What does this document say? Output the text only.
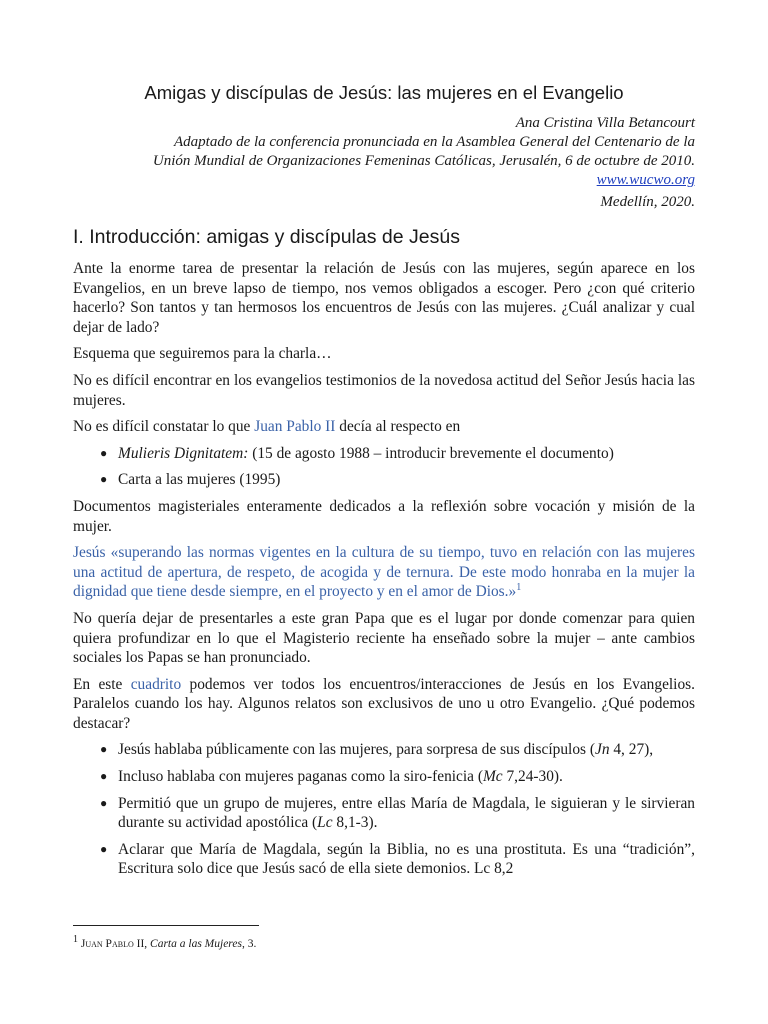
Amigas y discípulas de Jesús: las mujeres en el Evangelio
Ana Cristina Villa Betancourt
Adaptado de la conferencia pronunciada en la Asamblea General del Centenario de la
Unión Mundial de Organizaciones Femeninas Católicas, Jerusalén, 6 de octubre de 2010.
www.wucwo.org
Medellín, 2020.
I. Introducción: amigas y discípulas de Jesús

Ante la enorme tarea de presentar la relación de Jesús con las mujeres, según aparece en los Evangelios, en un breve lapso de tiempo, nos vemos obligados a escoger. Pero ¿con qué criterio hacerlo? Son tantos y tan hermosos los encuentros de Jesús con las mujeres. ¿Cuál analizar y cual dejar de lado?

Esquema que seguiremos para la charla…

No es difícil encontrar en los evangelios testimonios de la novedosa actitud del Señor Jesús hacia las mujeres.

No es difícil constatar lo que Juan Pablo II decía al respecto en

● Mulieris Dignitatem: (15 de agosto 1988 – introducir brevemente el documento)
● Carta a las mujeres (1995)

Documentos magisteriales enteramente dedicados a la reflexión sobre vocación y misión de la mujer.

Jesús «superando las normas vigentes en la cultura de su tiempo, tuvo en relación con las mujeres una actitud de apertura, de respeto, de acogida y de ternura. De este modo honraba en la mujer la dignidad que tiene desde siempre, en el proyecto y en el amor de Dios.»$^1$

No quería dejar de presentarles a este gran Papa que es el lugar por donde comenzar para quien quiera profundizar en lo que el Magisterio reciente ha enseñado sobre la mujer – ante cambios sociales los Papas se han pronunciado.

En este cuadrito podemos ver todos los encuentros/interacciones de Jesús en los Evangelios. Paralelos cuando los hay. Algunos relatos son exclusivos de uno u otro Evangelio. ¿Qué podemos destacar?

● Jesús hablaba públicamente con las mujeres, para sorpresa de sus discípulos (Jn 4, 27),
● Incluso hablaba con mujeres paganas como la siro-fenicia (Mc 7,24-30).
● Permitió que un grupo de mujeres, entre ellas María de Magdala, le siguieran y le sirvieran durante su actividad apostólica (Lc 8,1-3).
● Aclarar que María de Magdala, según la Biblia, no es una prostituta. Es una “tradición”, Escritura solo dice que Jesús sacó de ella siete demonios. Lc 8,2
$^1$ Juan Pablo II, Carta a las Mujeres, 3.
